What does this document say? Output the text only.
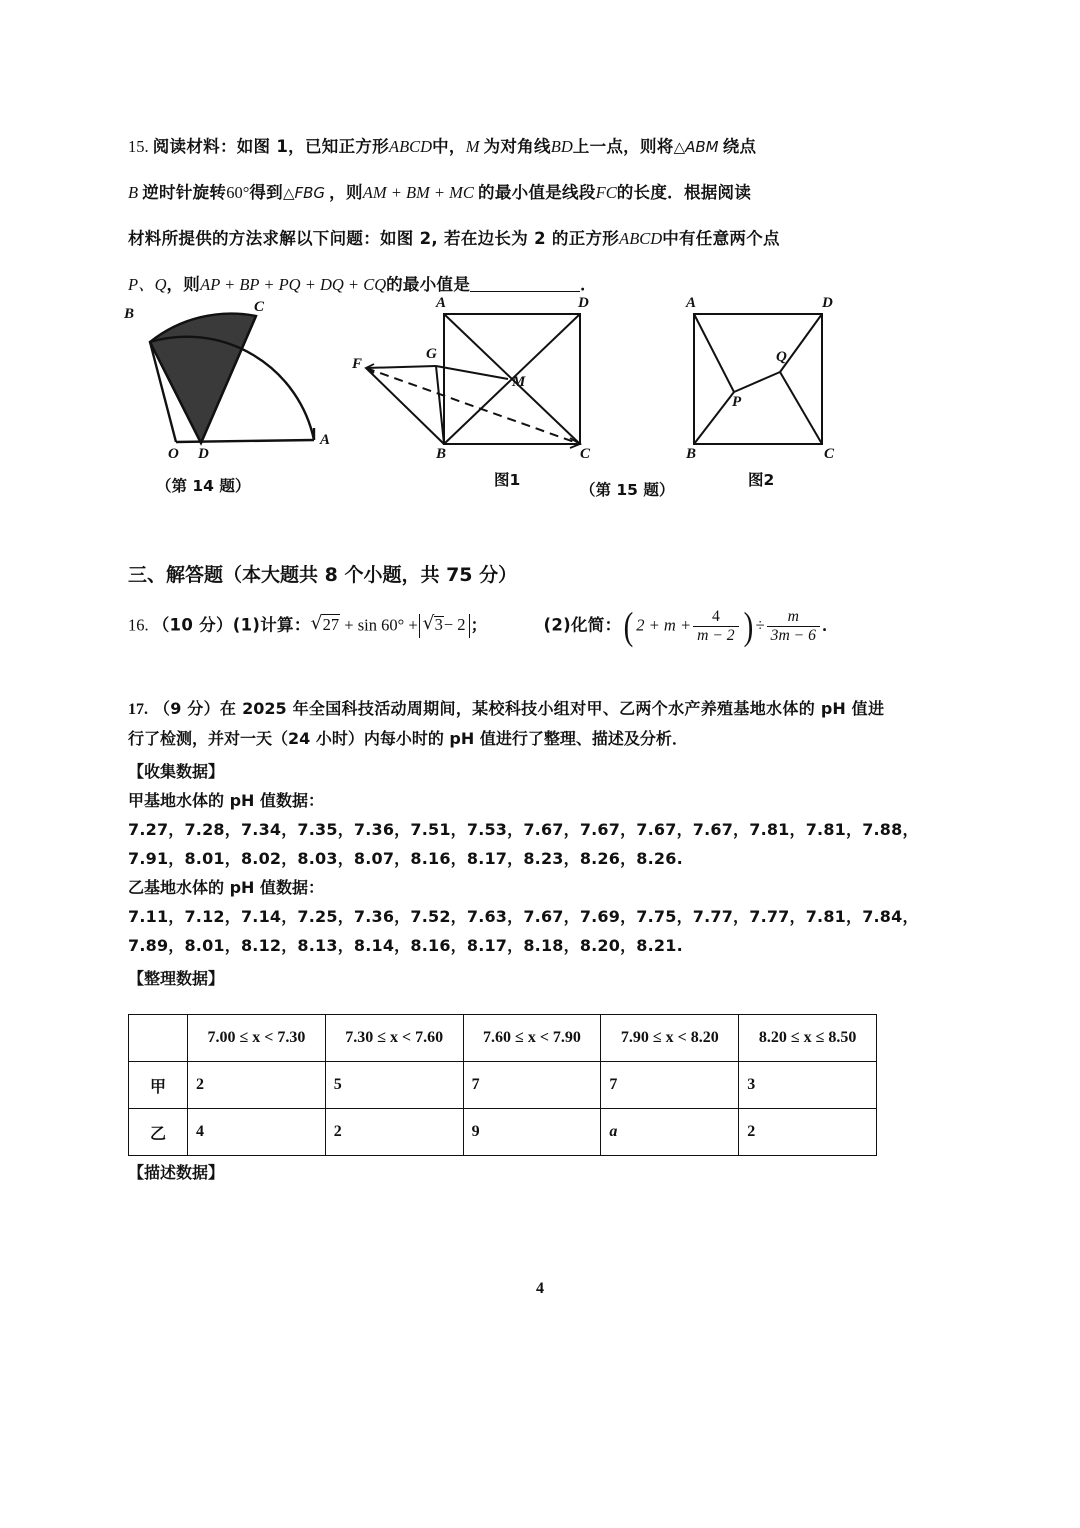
15. 阅读材料：如图 1，已知正方形ABCD中，M 为对角线BD上一点，则将△ABM 绕点
B 逆时针旋转60°得到△FBG ，则AM + BM + MC 的最小值是线段FC的长度．根据阅读
材料所提供的方法求解以下问题：如图 2, 若在边长为 2 的正方形ABCD中有任意两个点
P、Q，则AP + BP + PQ + DQ + CQ的最小值是	．
B	C
A
O D
（第 14 题）
A	D
B	C
F
G
M
图1
A	D
B	C
P
Q
图2
（第 15 题）
三、解答题（本大题共 8 个小题，共 75 分）
16. （10 分）(1)计算： √ 27 + sin 60° + √ 3− 2 ；	(2)化简：( $2 + m + \frac{4}{m - 2}$ ) ÷ $\frac{m}{3m - 6}$ ．

17. （9 分）在 2025 年全国科技活动周期间，某校科技小组对甲、乙两个水产养殖基地水体的 pH 值进行了检测，并对一天（24 小时）内每小时的 pH 值进行了整理、描述及分析．

【收集数据】

甲基地水体的 pH 值数据：

7.27，7.28，7.34，7.35，7.36，7.51，7.53，7.67，7.67，7.67，7.67，7.81，7.81，7.88，

7.91，8.01，8.02，8.03，8.07，8.16，8.17，8.23，8.26，8.26.

乙基地水体的 pH 值数据：

7.11，7.12，7.14，7.25，7.36，7.52，7.63，7.67，7.69，7.75，7.77，7.77，7.81，7.84，

7.89，8.01，8.12，8.13，8.14，8.16，8.17，8.18，8.20，8.21.

【整理数据】

	7.00 ≤ x < 7.30	7.30 ≤ x < 7.60	7.60 ≤ x < 7.90	7.90 ≤ x < 8.20	8.20 ≤ x ≤ 8.50
甲	2	5	7	7	3
乙	4	2	9	a	2
【描述数据】
4
